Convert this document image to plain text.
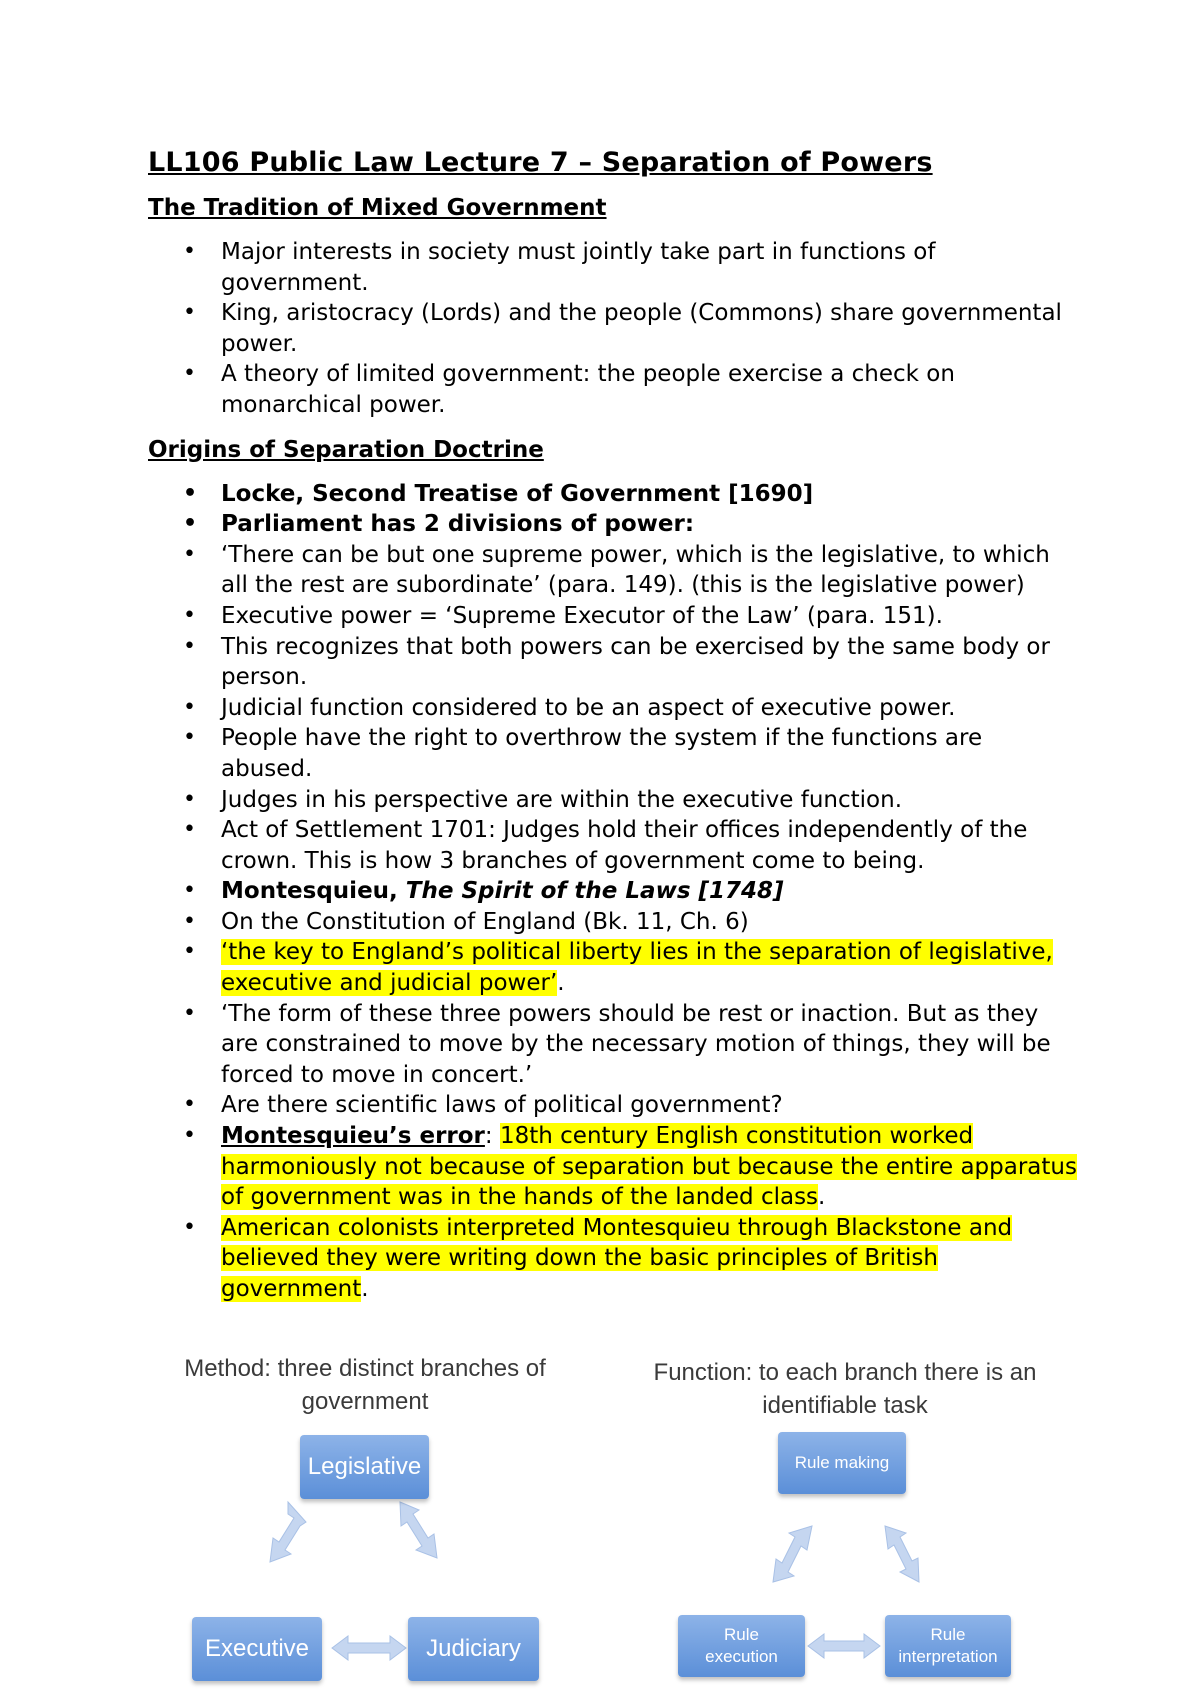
LL106 Public Law Lecture 7 – Separation of Powers
The Tradition of Mixed Government
• Major interests in society must jointly take part in functions of government.
• King, aristocracy (Lords) and the people (Commons) share governmental power.
• A theory of limited government: the people exercise a check on monarchical power.
Origins of Separation Doctrine
• Locke, Second Treatise of Government [1690]
• Parliament has 2 divisions of power:
• ‘There can be but one supreme power, which is the legislative, to which all the rest are subordinate’ (para. 149). (this is the legislative power)
• Executive power = ‘Supreme Executor of the Law’ (para. 151).
• This recognizes that both powers can be exercised by the same body or person.
• Judicial function considered to be an aspect of executive power.
• People have the right to overthrow the system if the functions are abused.
• Judges in his perspective are within the executive function.
• Act of Settlement 1701: Judges hold their offices independently of the crown. This is how 3 branches of government come to being.
• Montesquieu, The Spirit of the Laws [1748]
• On the Constitution of England (Bk. 11, Ch. 6)
• ‘the key to England’s political liberty lies in the separation of legislative, executive and judicial power’.
• ‘The form of these three powers should be rest or inaction. But as they are constrained to move by the necessary motion of things, they will be forced to move in concert.’
• Are there scientific laws of political government?
• Montesquieu’s error: 18th century English constitution worked harmoniously not because of separation but because the entire apparatus of government was in the hands of the landed class.
• American colonists interpreted Montesquieu through Blackstone and believed they were writing down the basic principles of British government.
Method: three distinct branches of
government
Legislative
Executive	Judiciary
Function: to each branch there is an
identifiable task
Rule making
Rule
execution
Rule
interpretation
